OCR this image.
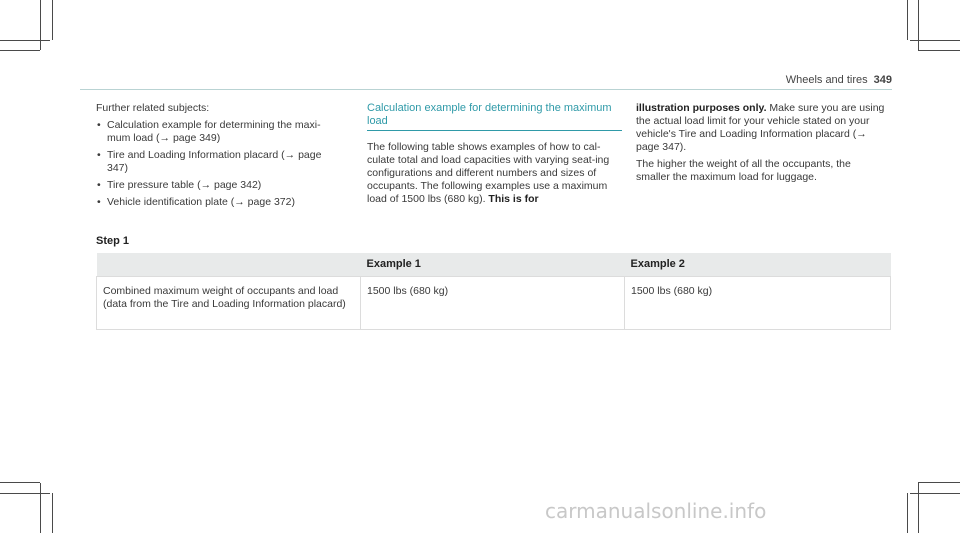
Wheels and tires 349

Further related subjects:

• Calculation example for determining the maxi-mum load (→ page 349)
• Tire and Loading Information placard (→ page 347)
• Tire pressure table (→ page 342)
• Vehicle identification plate (→ page 372)
Calculation example for determining the maximum load

The following table shows examples of how to cal-culate total and load capacities with varying seat-ing configurations and different numbers and sizes of occupants. The following examples use a maximum load of 1500 lbs (680 kg). This is for

illustration purposes only. Make sure you are using the actual load limit for your vehicle stated on your vehicle's Tire and Loading Information placard (→ page 347).

The higher the weight of all the occupants, the smaller the maximum load for luggage.

Step 1
	Example 1	Example 2
Combined maximum weight of occupants and load (data from the Tire and Loading Information placard)	1500 lbs (680 kg)	1500 lbs (680 kg)
carmanualsonline.info
